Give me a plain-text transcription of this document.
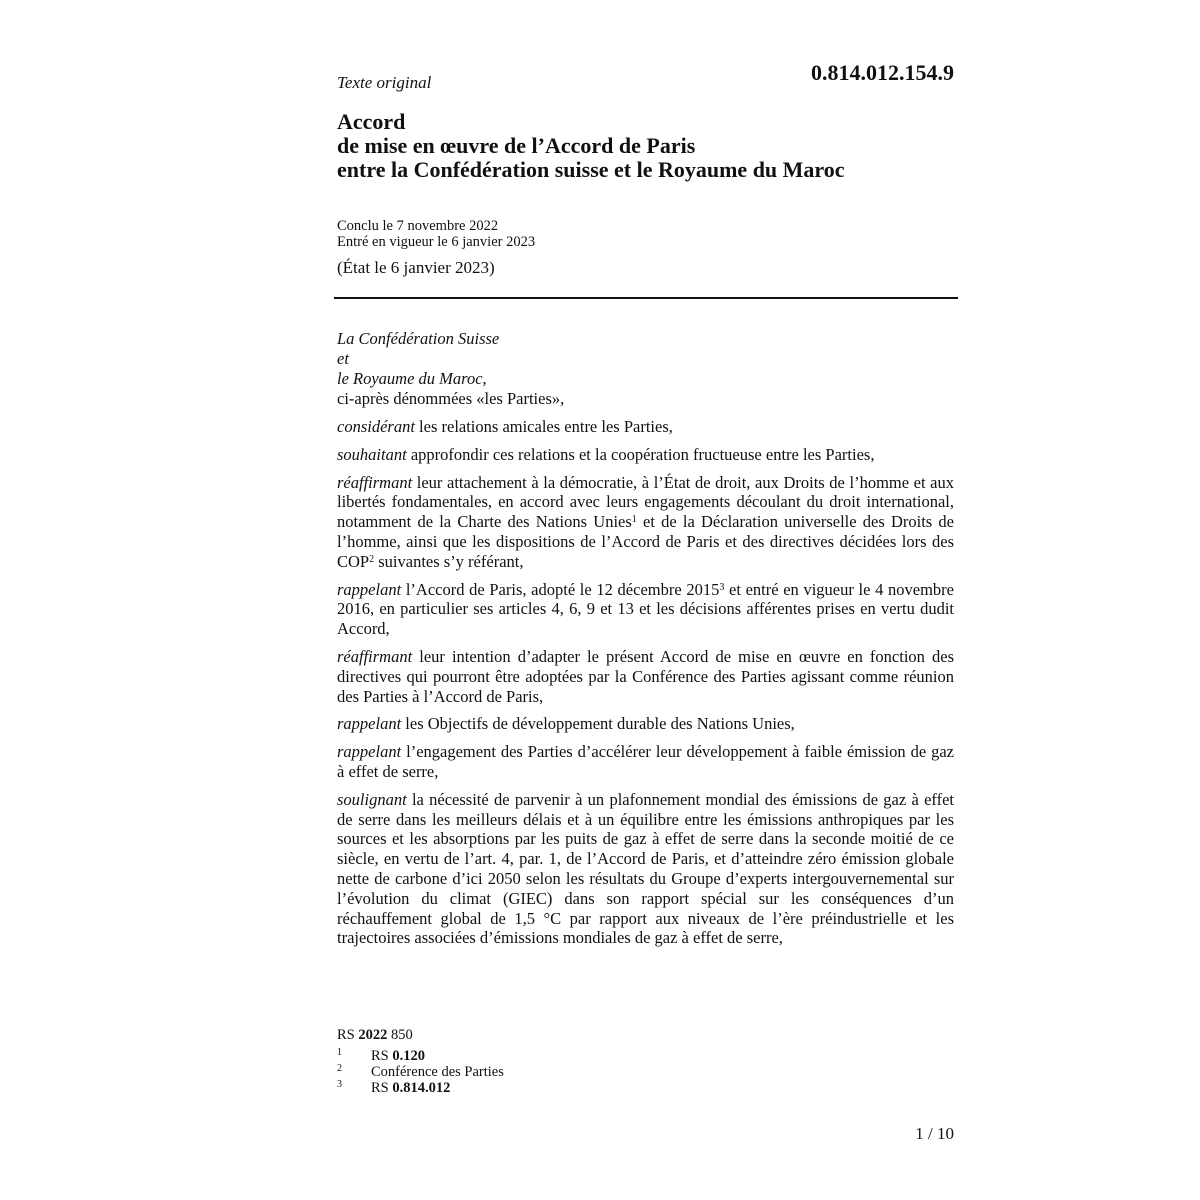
0.814.012.154.9
Texte original
Accord
de mise en œuvre de l’Accord de Paris
entre la Confédération suisse et le Royaume du Maroc
Conclu le 7 novembre 2022
Entré en vigueur le 6 janvier 2023
(État le 6 janvier 2023)
La Confédération Suisse
et
le Royaume du Maroc,
ci-après dénommées «les Parties»,

considérant les relations amicales entre les Parties,

souhaitant approfondir ces relations et la coopération fructueuse entre les Parties,

réaffirmant leur attachement à la démocratie, à l’État de droit, aux Droits de l’homme et aux libertés fondamentales, en accord avec leurs engagements découlant du droit international, notamment de la Charte des Nations Unies$^1$ et de la Déclaration universelle des Droits de l’homme, ainsi que les dispositions de l’Accord de Paris et des directives décidées lors des COP$^2$ suivantes s’y référant,

rappelant l’Accord de Paris, adopté le 12 décembre 2015$^3$ et entré en vigueur le 4 novembre 2016, en particulier ses articles 4, 6, 9 et 13 et les décisions afférentes prises en vertu dudit Accord,

réaffirmant leur intention d’adapter le présent Accord de mise en œuvre en fonction des directives qui pourront être adoptées par la Conférence des Parties agissant comme réunion des Parties à l’Accord de Paris,

rappelant les Objectifs de développement durable des Nations Unies,

rappelant l’engagement des Parties d’accélérer leur développement à faible émission de gaz à effet de serre,

soulignant la nécessité de parvenir à un plafonnement mondial des émissions de gaz à effet de serre dans les meilleurs délais et à un équilibre entre les émissions anthropiques par les sources et les absorptions par les puits de gaz à effet de serre dans la seconde moitié de ce siècle, en vertu de l’art. 4, par. 1, de l’Accord de Paris, et d’atteindre zéro émission globale nette de carbone d’ici 2050 selon les résultats du Groupe d’experts intergouvernemental sur l’évolution du climat (GIEC) dans son rapport spécial sur les conséquences d’un réchauffement global de 1,5 °C par rapport aux niveaux de l’ère préindustrielle et les trajectoires associées d’émissions mondiales de gaz à effet de serre,

RS 2022 850
1	RS 0.120
2	Conférence des Parties
3	RS 0.814.012
1 / 10
